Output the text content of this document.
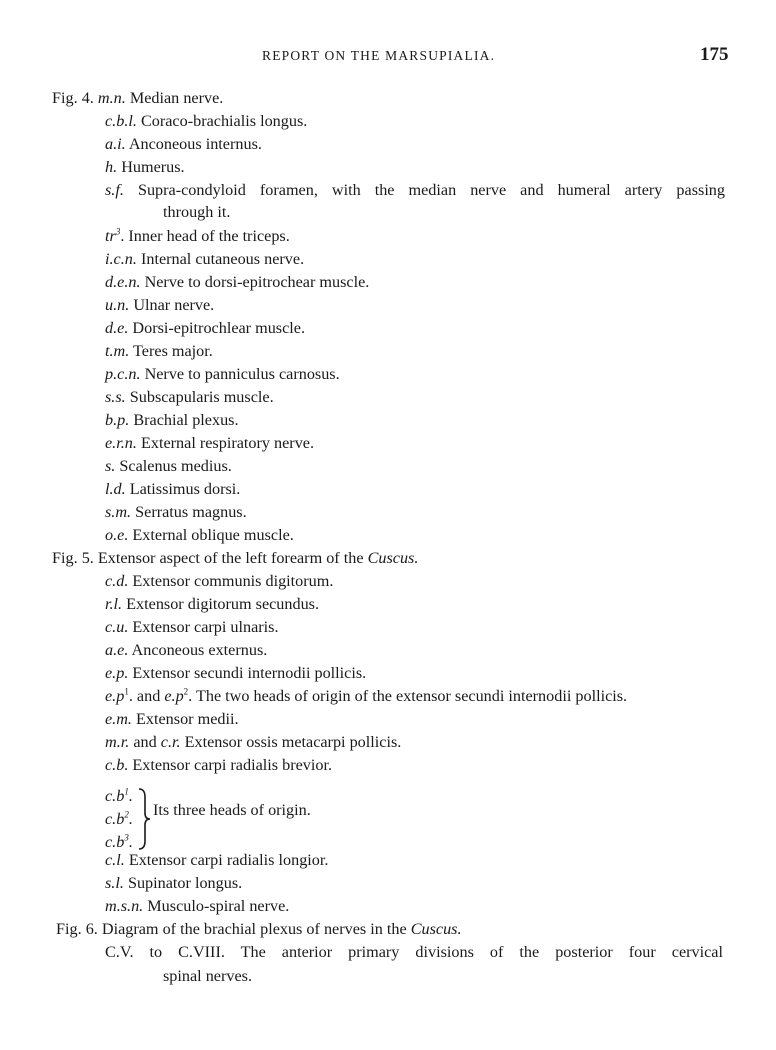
REPORT ON THE MARSUPIALIA.	175
Fig. 4. m.n. Median nerve.
c.b.l. Coraco-brachialis longus.
a.i. Anconeous internus.
h. Humerus.
s.f. Supra-condyloid foramen, with the median nerve and humeral artery passing
through it.
$tr^3$. Inner head of the triceps.
i.c.n. Internal cutaneous nerve.
d.e.n. Nerve to dorsi-epitrochear muscle.
u.n. Ulnar nerve.
d.e. Dorsi-epitrochlear muscle.
t.m. Teres major.
p.c.n. Nerve to panniculus carnosus.
s.s. Subscapularis muscle.
b.p. Brachial plexus.
e.r.n. External respiratory nerve.
s. Scalenus medius.
l.d. Latissimus dorsi.
s.m. Serratus magnus.
o.e. External oblique muscle.
Fig. 5. Extensor aspect of the left forearm of the Cuscus.
c.d. Extensor communis digitorum.
r.l. Extensor digitorum secundus.
c.u. Extensor carpi ulnaris.
a.e. Anconeous externus.
e.p. Extensor secundi internodii pollicis.
$e.p^1$. and $e.p^2$. The two heads of origin of the extensor secundi internodii pollicis.
e.m. Extensor medii.
m.r. and c.r. Extensor ossis metacarpi pollicis.
c.b. Extensor carpi radialis brevior.
$c.b^1$.
$c.b^2$.
$c.b^3$.
Its three heads of origin.
c.l. Extensor carpi radialis longior.
s.l. Supinator longus.
m.s.n. Musculo-spiral nerve.
Fig. 6. Diagram of the brachial plexus of nerves in the Cuscus.
C.V. to C.VIII. The anterior primary divisions of the posterior four cervical
spinal nerves.
